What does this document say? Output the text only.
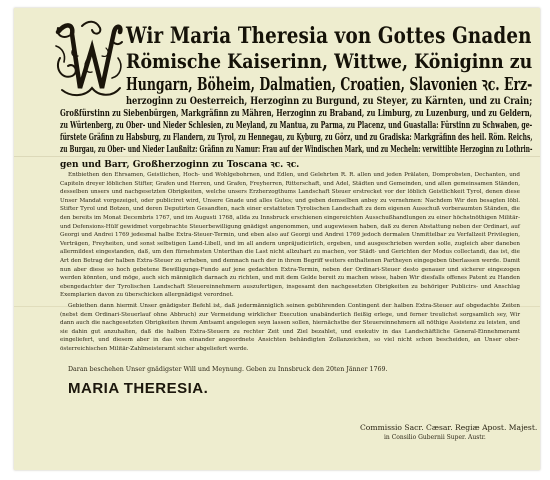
Wir Maria Theresia von Gottes Gnaden
Römische Kaiserinn, Wittwe, Königinn zu
Hungarn, Böheim, Dalmatien, Croatien, Slavonien ꝛc. Erz-
herzoginn zu Oesterreich, Herzoginn zu Burgund, zu Steyer, zu Kärnten, und zu Crain;
Großfürstinn zu Siebenbürgen, Markgräfinn zu Mähren, Herzoginn zu Braband, zu Limburg, zu Luzenburg, und zu Geldern,
zu Würtenberg, zu Ober- und Nieder Schlesien, zu Meyland, zu Mantua, zu Parma, zu Placenz, und Guastalla: Fürstinn zu Schwaben, ge-
fürstete Gräfinn zu Habsburg, zu Flandern, zu Tyrol, zu Hennegau, zu Kyburg, zu Görz, und zu Gradiska: Markgräfinn des heil. Röm. Reichs,
zu Burgau, zu Ober- und Nieder Laußnitz: Gräfinn zu Namur: Frau auf der Windischen Mark, und zu Mecheln: verwittibte Herzoginn zu Lothrin-
gen und Barr, Großherzoginn zu Toscana ꝛc. ꝛc.

Entbiethen den Ehrsamen, Geistlichen, Hoch- und Wohlgebohrnen, und Edlen, und Gelehrten R. R. allen und jeden Prälaten, Domprobsten, Dechanten, und Capiteln dreyer löblichen Stifter, Grafen und Herren, und Grafen, Freyherren, Ritterschaft, und Adel, Städten und Gemeinden, und allen gemeinsamen Ständen, desselben unsers und nachgesetzten Obrigkeiten, welche unsers Erzherzogthums Landschaft Steuer erstrecket vor der löblich Geistlichkeit Tyrol, denen diese Unser Mandat vorgezeiget, oder publiciret wird, Unsere Gnade und alles Gutes; und geben demselben anbey zu vernehmen: Nachdem Wir den besagten löbl. Stifter Tyrol und Botzen, und deren Deputirten Gesandten, nach einer erstatteten Tyrolischen Landschaft zu dem eigenen Ausschuß vorberaumten Ständen, die den bereits im Monat Decembris 1767, und im Augusti 1768, allda zu Innsbruck erschienen eingereichten Ausschußhandlungen zu einer höchstnöthigen Militär- und Defensions-Hülf gewidmet vorgebrachte Steuerbewilligung gnädigst angenommen, und augewiesen haben, daß zu deren Abstattung neben der Ordinari, auf Georgi und Andrei 1769 jedesmal halbe Extra-Steuer-Termin, und eben also auf Georgi und Andrei 1769 jedoch dermalen Unmittelbar zu Verfallzeit Privilegien, Verträgen, Freyheiten, und sonst selbstigen Land-Libell, und im all andern unpräjudicirlich, ergeben, und ausgeschrieben werden solle, zugleich aber daneben allermildest eingestanden, daß, um den fürnehmsten Unterthan die Last nicht allzuhart zu machen, vor Städt- und Gerichten der Modus collectandi, das ist, die Art den Betrag der halben Extra-Steuer zu erheben, und demnach nach der in ihrem Begriff weiters enthaltenen Partheyen eingegeben überlassen werde. Damit nun aber diese so hoch gebetene Bewilligungs-Fundo auf jene gedachten Extra-Termin, neben der Ordinari-Steuer desto genauer und sicherer eingezogen werden könnten, und möge, auch sich männiglich darnach zu richten, und mit dem Gelde bereit zu machen wisse, haben Wir diesfalls offenes Patent zu Handen ebengedachter der Tyrolischen Landschaft Steuereinnehmern auszufertigen, insgesamt den nachgesetzten Obrigkeiten zu behöriger Publicirs- und Anschlag Exemplarien davon zu überschicken allergnädigst verordnet.

Gebiethen dann hiermit Unser gnädigster Befehl ist, daß jedermänniglich seinen gebührenden Contingent der halben Extra-Steuer auf obgedachte Zeiten (nebst dem Ordinari-Steuerlauf ohne Abbruch) zur Vermeidung wirklicher Execution unabänderlich fleißig erlege, und ferner treulichst sorgsamlich sey, Wir dann auch die nachgesetzten Obrigkeiten ihrem Amtsamt angelegen seyn lassen sollen, hiernächstbe der Steuereinnehmern all nöthige Assistenz zu leisten, und sie dahin gut anzuhalten, daß die halben Extra-Steuern zu rechter Zeit und Ziel bezahlet, und exekutiv in das Landschäftliche General-Einnehmeramt eingeliefert, und diesem aber in das von einander angeordnete Ansichten behändigten Zollanzeichen, so viel nicht schon bescheiden, an Unser ober-österreichischen Militär-Zahlmeisteramt sicher abgeliefert werde.

Daran beschehen Unser gnädigster Will und Meynung. Geben zu Innsbruck den 20ten Jänner 1769.
MARIA THERESIA.
Commissio Sacr. Cæsar. Regiæ Apost. Majest.
in Consilio Gubernii Super. Austr.
